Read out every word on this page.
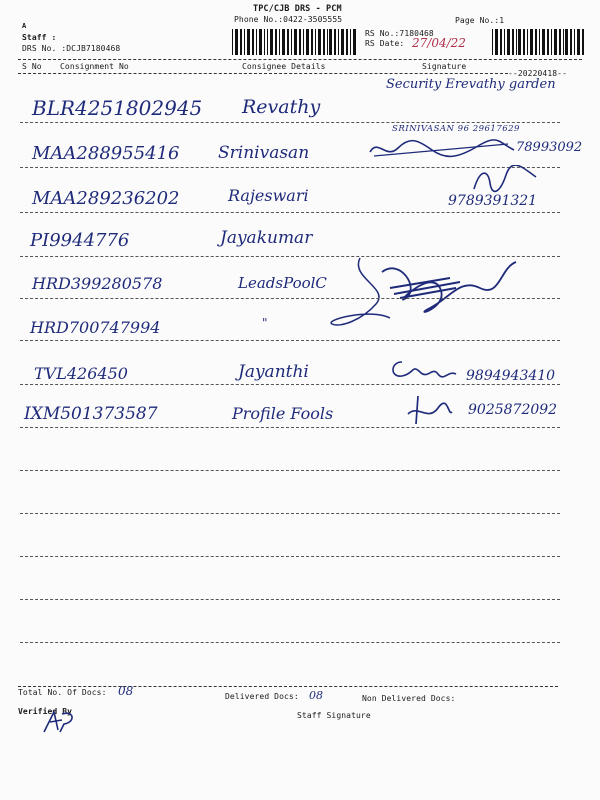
TPC/CJB DRS - PCM
Phone No.:0422-3505555	Page No.:1
A
Staff :
DRS No. :DCJB7180468
RS No.:7180468
RS Date: 27/04/22
S No Consignment No	Consignee Details	Signature
--20220418--
BLR4251802945 Revathy
Security Erevathy garden
SRINIVASAN 96 29617629
MAA288955416 Srinivasan	78993092
MAA289236202	Rajeswari	9789391321
PI9944776	Jayakumar
HRD399280578	LeadsPoolC
HRD700747994	"
TVL426450	Jayanthi	9894943410
IXM501373587	Profile Fools	9025872092
Total No. Of Docs: 08	Delivered Docs: 08	Non Delivered Docs:
Verified By	Staff Signature
